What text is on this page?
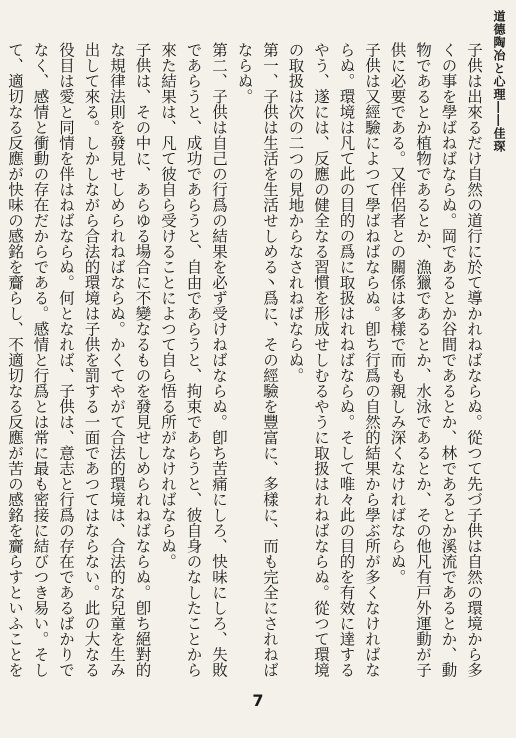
道德陶冶と心理――佳琛

子供は出來るだけ自然の道行に於て導かれねばならぬ。從つて先づ子供は自然の環境から多くの事を學ばねばならぬ。岡であるとか谷間であるとか、林であるとか溪流であるとか、動物であるとか植物であるとか、漁獵であるとか、水泳であるとか、その他凡有戸外運動が子供に必要である。又伴侶者との關係は多樣で而も親しみ深くなければならぬ。

子供は又經驗によつて學ばねばならぬ。卽ち行爲の自然的結果から學ぶ所が多くなければならぬ。環境は凡て此の目的の爲に取扱はれねばならぬ。そして唯々此の目的を有效に達するやう、遂には、反應の健全なる習慣を形成せしむるやうに取扱はれねばならぬ。從つて環境の取扱は次の二つの見地からなされねばならぬ。

第一、子供は生活を生活せしめる丶爲に、その經驗を豐富に、多樣に、而も完全にされねばならぬ。

第二、子供は自己の行爲の結果を必ず受けねばならぬ。卽ち苦痛にしろ、快味にしろ、失敗であらうと、成功であらうと、自由であらうと、拘束であらうと、彼自身のなしたことから來た結果は、凡て彼自ら受けることによつて自ら悟る所がなければならぬ。

子供は、その中に、あらゆる場合に不變なるものを發見せしめられねばならぬ。卽ち絕對的な規律法則を發見せしめられねばならぬ。かくてやがて合法的環境は、合法的な兒童を生み出して來る。しかしながら合法的環境は子供を罰する一面であつてはならない。此の大なる役目は愛と同情を伴はねばならぬ。何となれば、子供は、意志と行爲の存在であるばかりでなく、感情と衝動の存在だからである。感情と行爲とは常に最も密接に結びつき易い。そして、適切なる反應が快味の感銘を齎らし、不適切なる反應が苦の感銘を齎らすといふことを

7
